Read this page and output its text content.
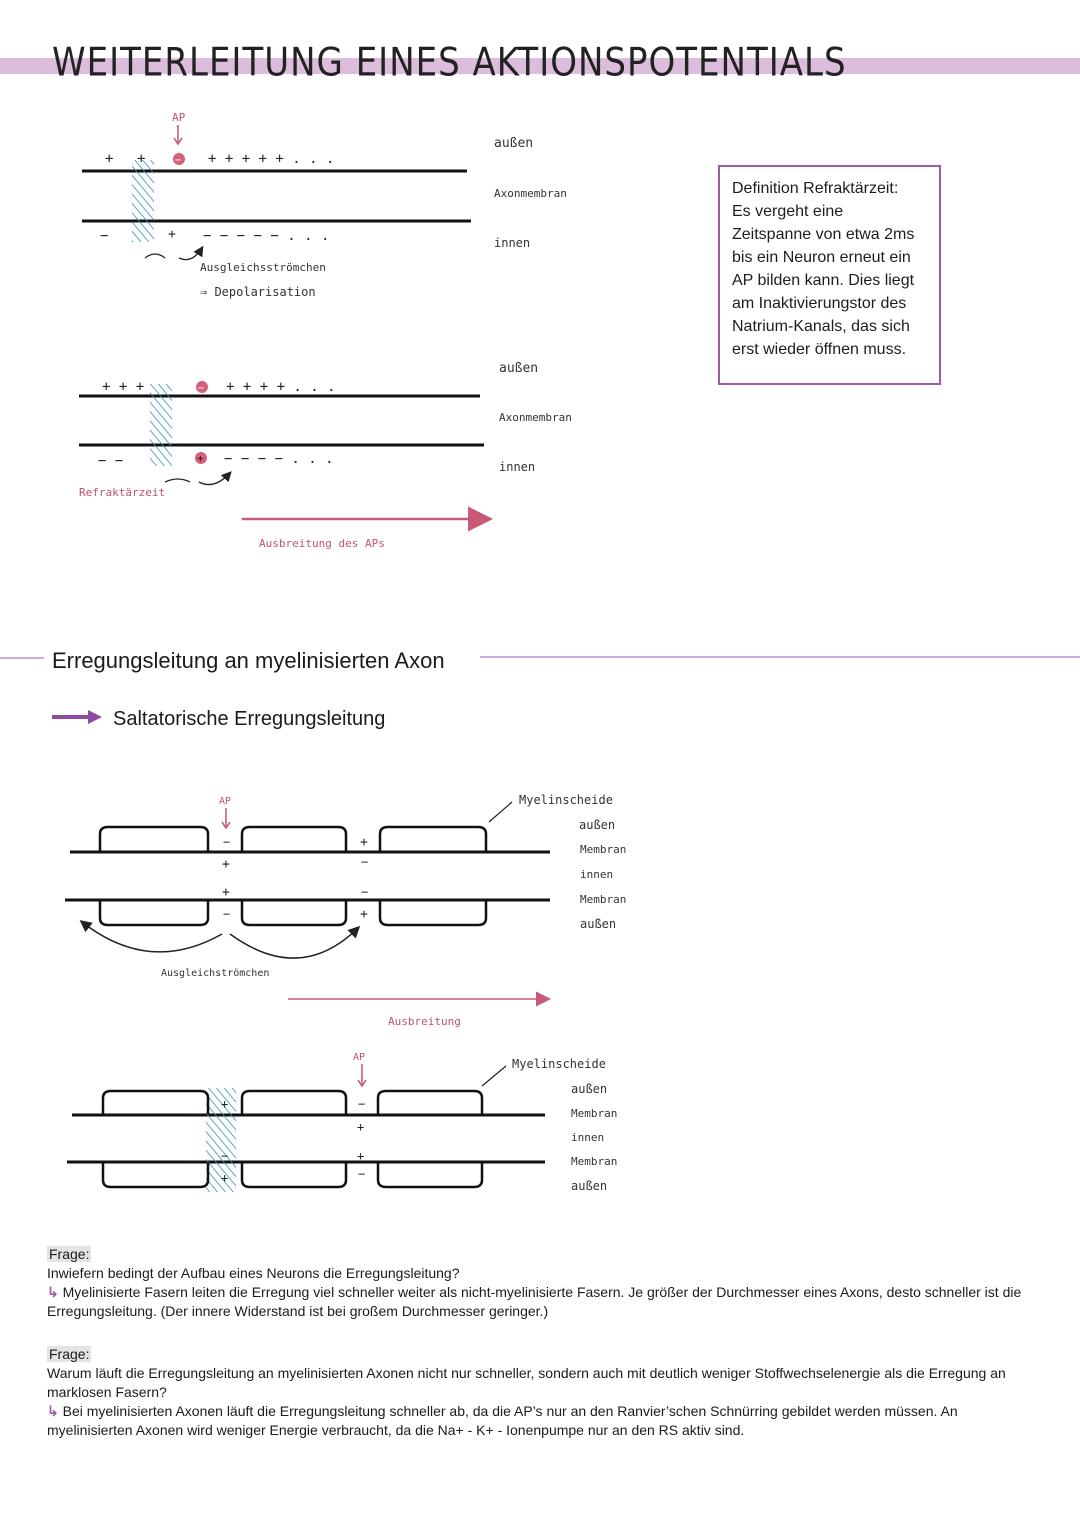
WEITERLEITUNG EINES AKTIONSPOTENTIALS
AP
+ +	− + + + + + . . .
−	+ − − − − − . . .
Ausgleichsströmchen
⇒ Depolarisation
außen
Axonmembran
innen
+ + +	− + + + + . . .
− −	+ − − − − . . .
Refraktärzeit
Ausbreitung des APs
außen
Axonmembran
innen
AP
−
+
+
−
+
−
−
+
Ausgleichströmchen
Ausbreitung
Myelinscheide
außen
Membran
innen
Membran
außen
AP
+
−
+
−
+
+
−
Myelinscheide
außen
Membran
innen
Membran
außen
Definition Refraktärzeit:
Es vergeht eine
Zeitspanne von etwa 2ms
bis ein Neuron erneut ein
AP bilden kann. Dies liegt
am Inaktivierungstor des
Natrium-Kanals, das sich
erst wieder öffnen muss.
Erregungsleitung an myelinisierten Axon
Saltatorische Erregungsleitung
Frage:
Inwiefern bedingt der Aufbau eines Neurons die Erregungsleitung?
↳ Myelinisierte Fasern leiten die Erregung viel schneller weiter als nicht-myelinisierte Fasern. Je größer der Durchmesser eines Axons, desto schneller ist die Erregungsleitung. (Der innere Widerstand ist bei großem Durchmesser geringer.)
Frage:
Warum läuft die Erregungsleitung an myelinisierten Axonen nicht nur schneller, sondern auch mit deutlich weniger Stoffwechselenergie als die Erregung an marklosen Fasern?
↳ Bei myelinisierten Axonen läuft die Erregungsleitung schneller ab, da die AP’s nur an den Ranvier’schen Schnürring gebildet werden müssen. An myelinisierten Axonen wird weniger Energie verbraucht, da die Na+ - K+ - Ionenpumpe nur an den RS aktiv sind.
